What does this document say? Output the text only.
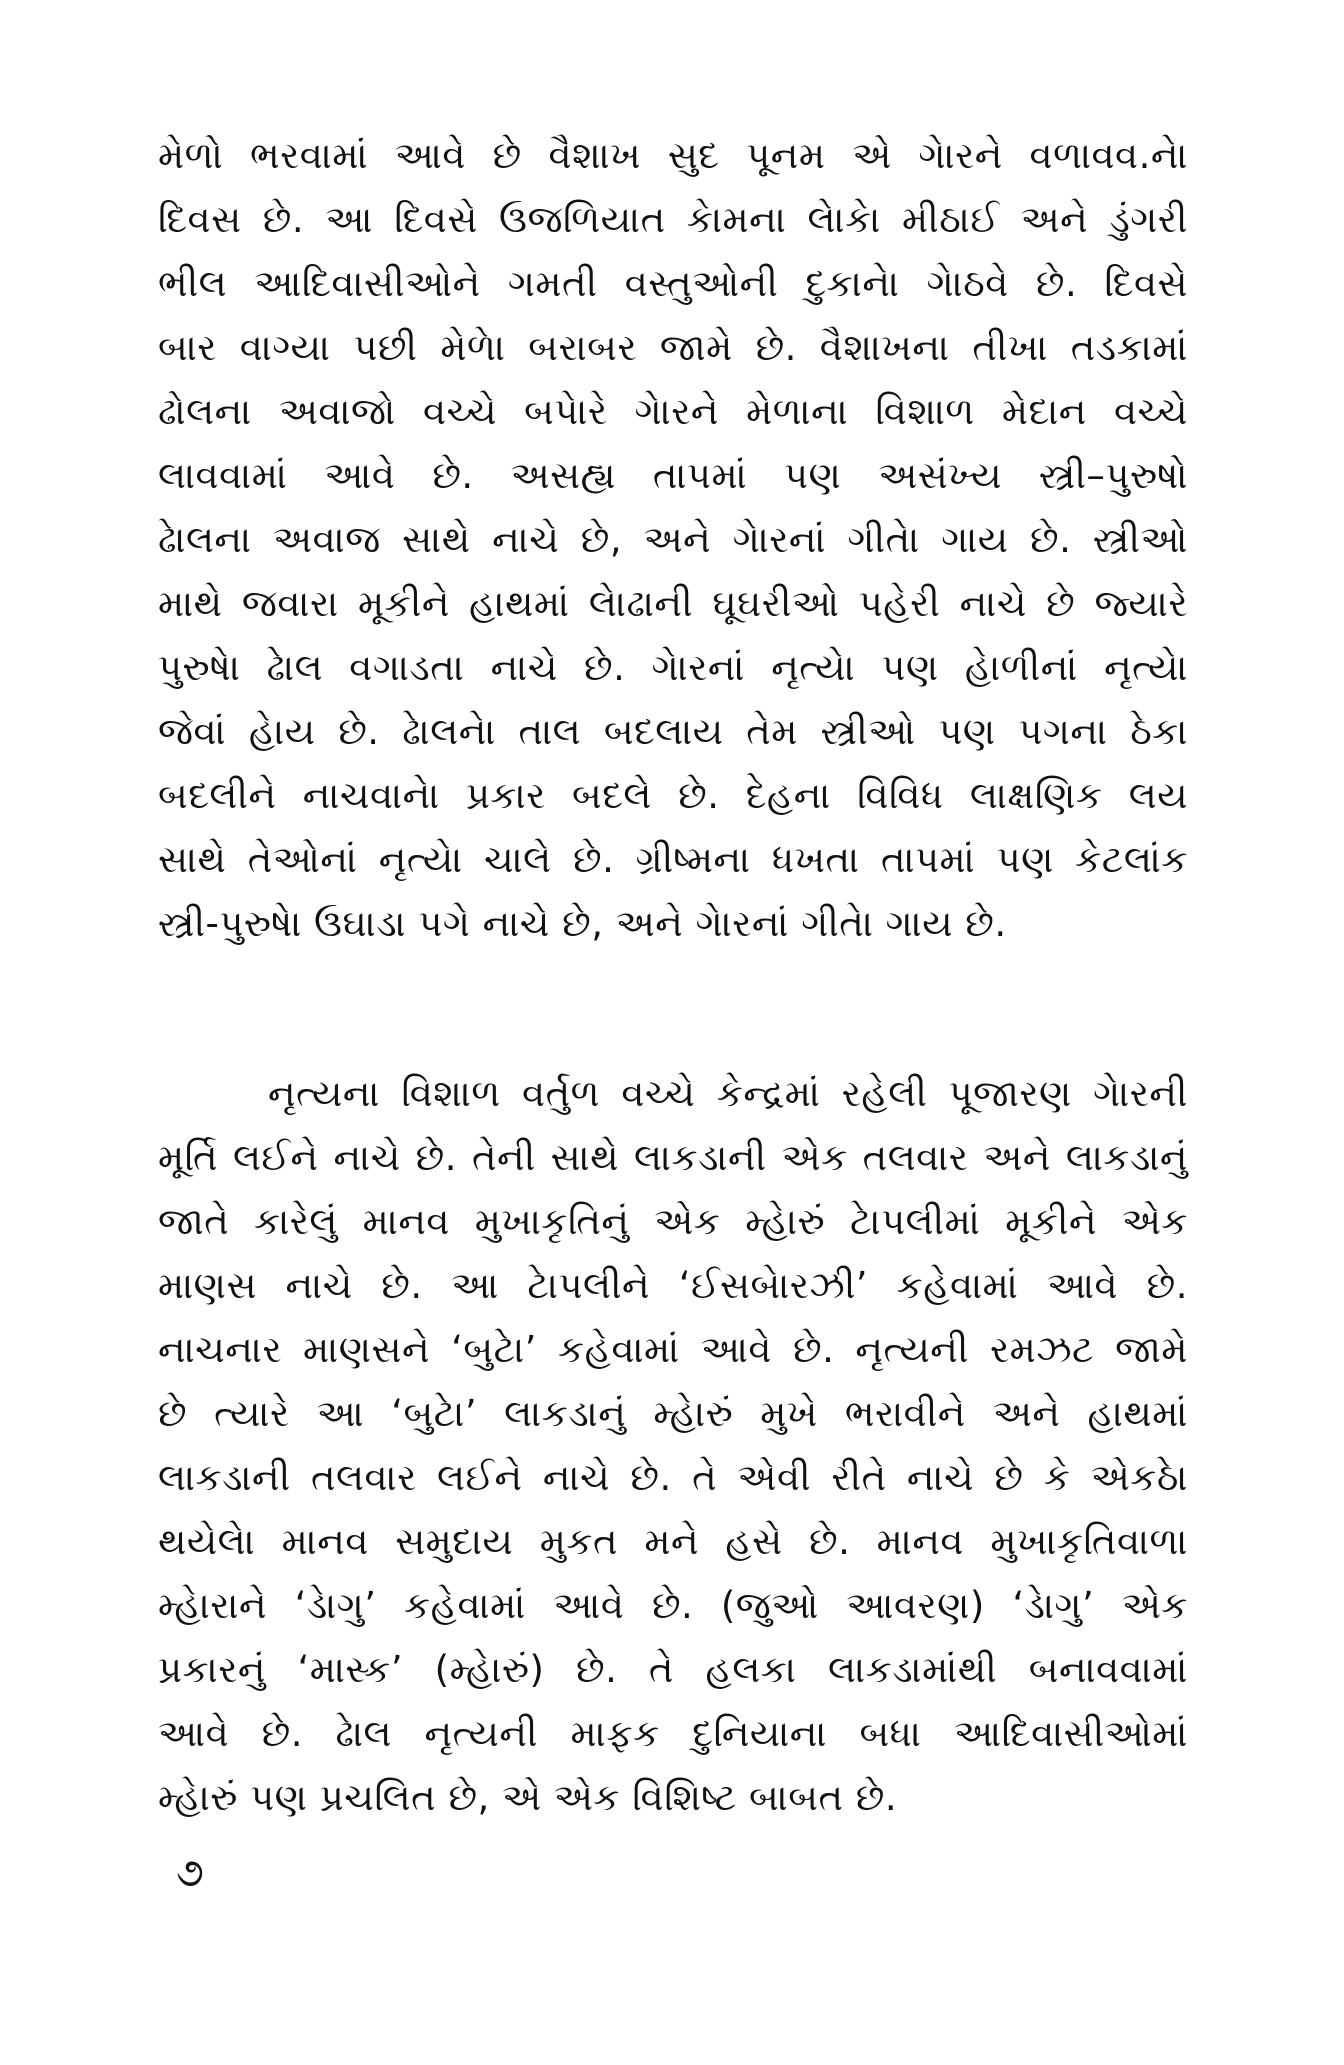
મેળો ભરવામાં આવે છે વૈશાખ સુદ પૂનમ એ ગેારને વળાવવ.નેા
દિવસ છે. આ દિવસે ઉજળિયાત કેામના લેાકેા મીઠાઈ અને ડુંગરી
ભીલ આદિવાસીઓને ગમતી વસ્તુઓની દુકાનેા ગેાઠવે છે. દિવસે
બાર વાગ્યા પછી મેળેા બરાબર જામે છે. વૈશાખના તીખા તડકામાં
ઢોલના અવાજો વચ્ચે બપેારે ગેારને મેળાના વિશાળ મેદાન વચ્ચે
લાવવામાં આવે છે. અસહ્ય તાપમાં પણ અસંખ્ય સ્ત્રી–પુરુષો
ઢેાલના અવાજ સાથે નાચે છે, અને ગેારનાં ગીતેા ગાય છે. સ્ત્રીઓ
માથે જવારા મૂકીને હાથમાં લેાઢાની ઘૂઘરીઓ પહેરી નાચે છે જ્યારે
પુરુષેા ઢેાલ વગાડતા નાચે છે. ગેારનાં નૃત્યેા પણ હેાળીનાં નૃત્યેા
જેવાં હેાય છે. ઢેાલનેા તાલ બદલાય તેમ સ્ત્રીઓ પણ પગના ઠેકા
બદલીને નાચવાનેા પ્રકાર બદલે છે. દેહના વિવિધ લાક્ષણિક લય
સાથે તેઓનાં નૃત્યેા ચાલે છે. ગ્રીષ્મના ધખતા તાપમાં પણ કેટલાંક
સ્ત્રી-પુરુષેા ઉઘાડા પગે નાચે છે, અને ગેારનાં ગીતેા ગાય છે.
નૃત્યના વિશાળ વર્તુળ વચ્ચે કેન્દ્રમાં રહેલી પૂજારણ ગેારની
મૂર્તિ લઈને નાચે છે. તેની સાથે લાકડાની એક તલવાર અને લાકડાનું
જાતે કારેલું માનવ મુખાકૃતિનું એક મ્હેારું ટેાપલીમાં મૂકીને એક
માણસ નાચે છે. આ ટેાપલીને ‘ઈસબેારઝી’ કહેવામાં આવે છે.
નાચનાર માણસને ‘બુટેા’ કહેવામાં આવે છે. નૃત્યની રમઝટ જામે
છે ત્યારે આ ‘બુટેા’ લાકડાનું મ્હેારું મુખે ભરાવીને અને હાથમાં
લાકડાની તલવાર લઈને નાચે છે. તે એવી રીતે નાચે છે કે એકઠેા
થયેલેા માનવ સમુદાય મુકત મને હસે છે. માનવ મુખાકૃતિવાળા
મ્હેારાને ‘ડેાગુ’ કહેવામાં આવે છે. (જુઓ આવરણ) ‘ડેાગુ’ એક
પ્રકારનું ‘માસ્ક’ (મ્હેારું) છે. તે હલકા લાકડામાંથી બનાવવામાં
આવે છે. ઢેાલ નૃત્યની માફક દુનિયાના બધા આદિવાસીઓમાં
મ્હેારું પણ પ્રચલિત છે, એ એક વિશિષ્ટ બાબત છે.
૭
